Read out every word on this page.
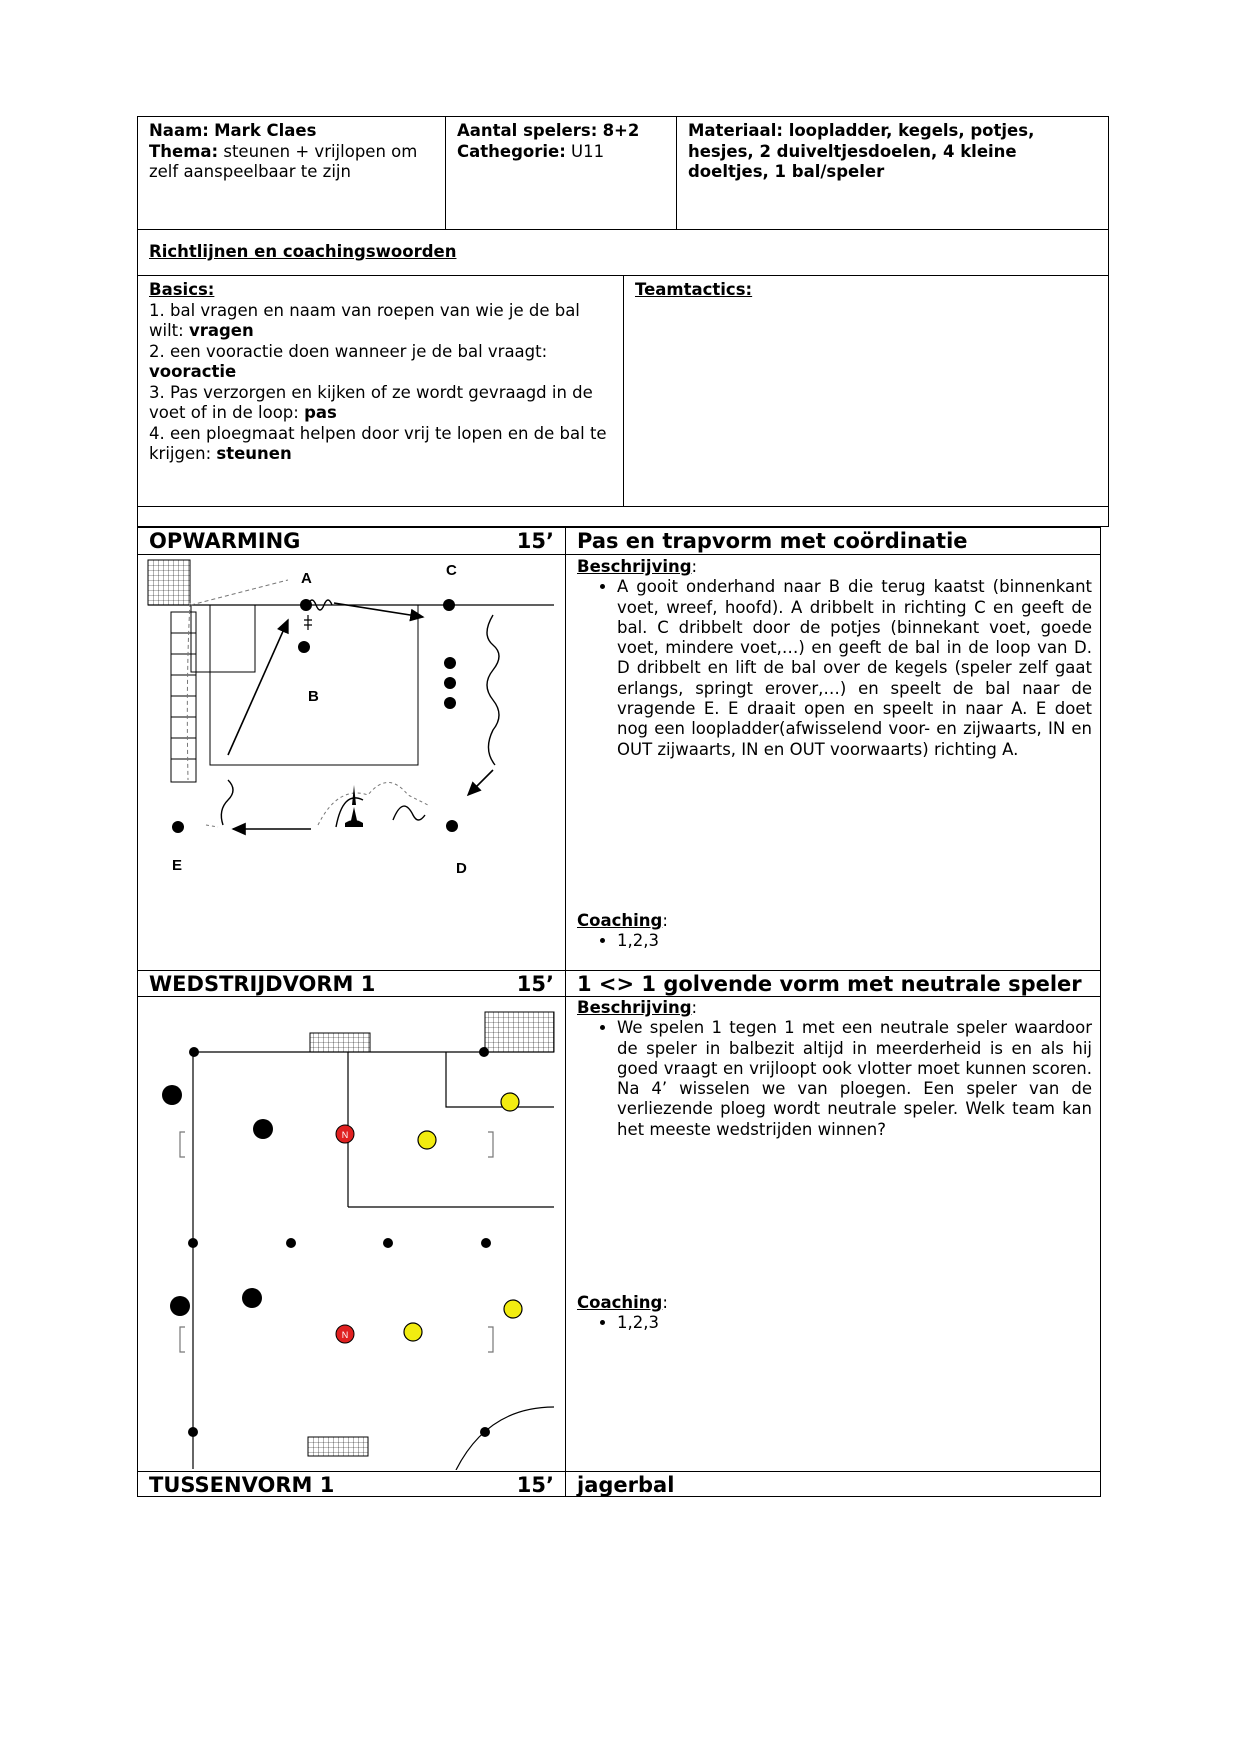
Naam: Mark Claes
Thema: steunen + vrijlopen om zelf aanspeelbaar te zijn
Aantal spelers: 8+2
Cathegorie: U11
Materiaal: loopladder, kegels, potjes, hesjes, 2 duiveltjesdoelen, 4 kleine doeltjes, 1 bal/speler
Richtlijnen en coachingswoorden
Basics:
1. bal vragen en naam van roepen van wie je de bal wilt: vragen
2. een vooractie doen wanneer je de bal vraagt: vooractie
3. Pas verzorgen en kijken of ze wordt gevraagd in de voet of in de loop: pas
4. een ploegmaat helpen door vrij te lopen en de bal te krijgen: steunen
Teamtactics:
OPWARMING	15’	Pas en trapvorm met coördinatie
Beschrijving:
• A gooit onderhand naar B die terug kaatst (binnenkant voet, wreef, hoofd). A dribbelt in richting C en geeft de bal. C dribbelt door de potjes (binnekant voet, goede voet, mindere voet,…) en geeft de bal in de loop van D. D dribbelt en lift de bal over de kegels (speler zelf gaat erlangs, springt erover,…) en speelt de bal naar de vragende E. E draait open en speelt in naar A. E doet nog een loopladder(afwisselend voor- en zijwaarts, IN en OUT zijwaarts, IN en OUT voorwaarts) richting A.
Coaching:
• 1,2,3
A	C
B
E	D
WEDSTRIJDVORM 1	15’	1 <> 1 golvende vorm met neutrale speler
Beschrijving:
• We spelen 1 tegen 1 met een neutrale speler waardoor de speler in balbezit altijd in meerderheid is en als hij goed vraagt en vrijloopt ook vlotter moet kunnen scoren. Na 4’ wisselen we van ploegen. Een speler van de verliezende ploeg wordt neutrale speler. Welk team kan het meeste wedstrijden winnen?
Coaching:
• 1,2,3
N
N
TUSSENVORM 1	15’	jagerbal
